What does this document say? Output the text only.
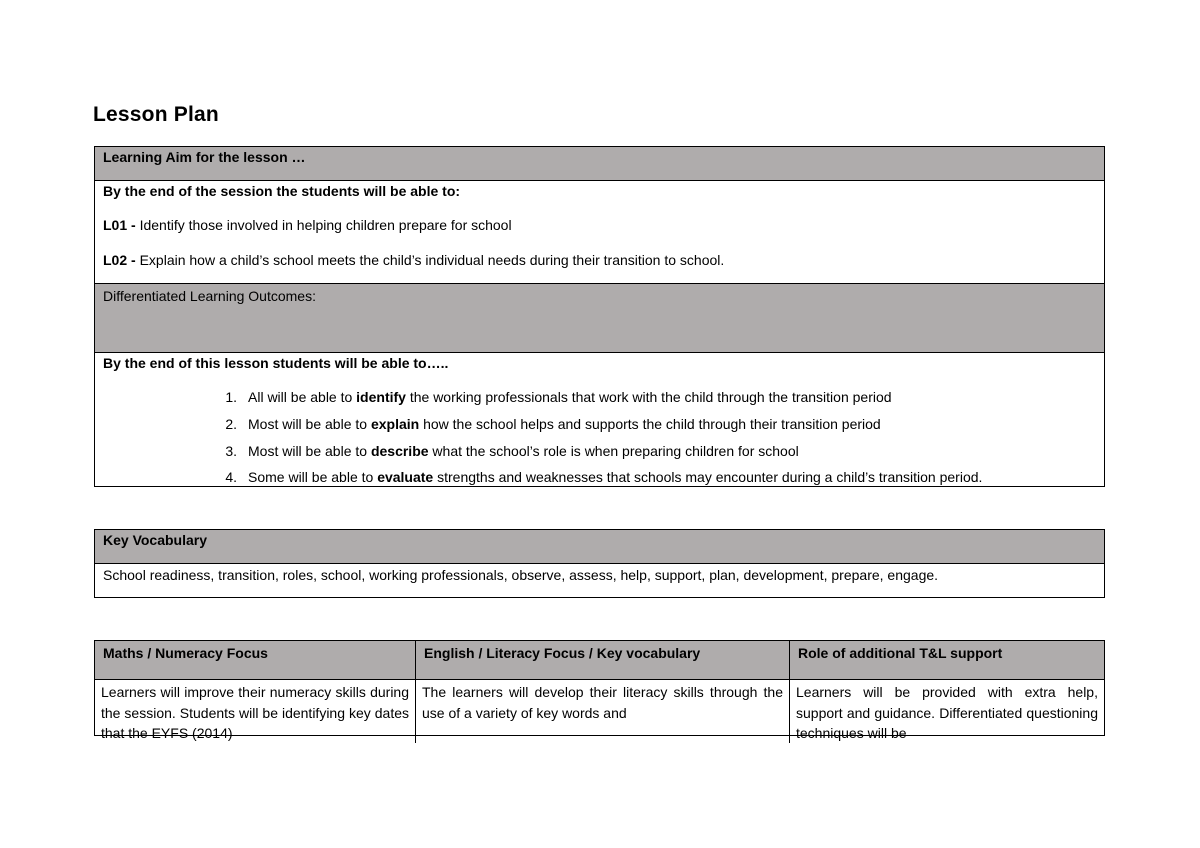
Lesson Plan
Learning Aim for the lesson …

By the end of the session the students will be able to:

L01 - Identify those involved in helping children prepare for school

L02 - Explain how a child’s school meets the child’s individual needs during their transition to school.

Differentiated Learning Outcomes:
By the end of this lesson students will be able to…..
1. All will be able to identify the working professionals that work with the child through the transition period
2. Most will be able to explain how the school helps and supports the child through their transition period
3. Most will be able to describe what the school’s role is when preparing children for school
4. Some will be able to evaluate strengths and weaknesses that schools may encounter during a child’s transition period.
Key Vocabulary
School readiness, transition, roles, school, working professionals, observe, assess, help, support, plan, development, prepare, engage.
Maths / Numeracy Focus
Learners will improve their numeracy skills during the session. Students will be identifying key dates that the EYFS (2014)
English / Literacy Focus / Key vocabulary
The learners will develop their literacy skills through the use of a variety of key words and
Role of additional T&L support
Learners will be provided with extra help, support and guidance. Differentiated questioning techniques will be
